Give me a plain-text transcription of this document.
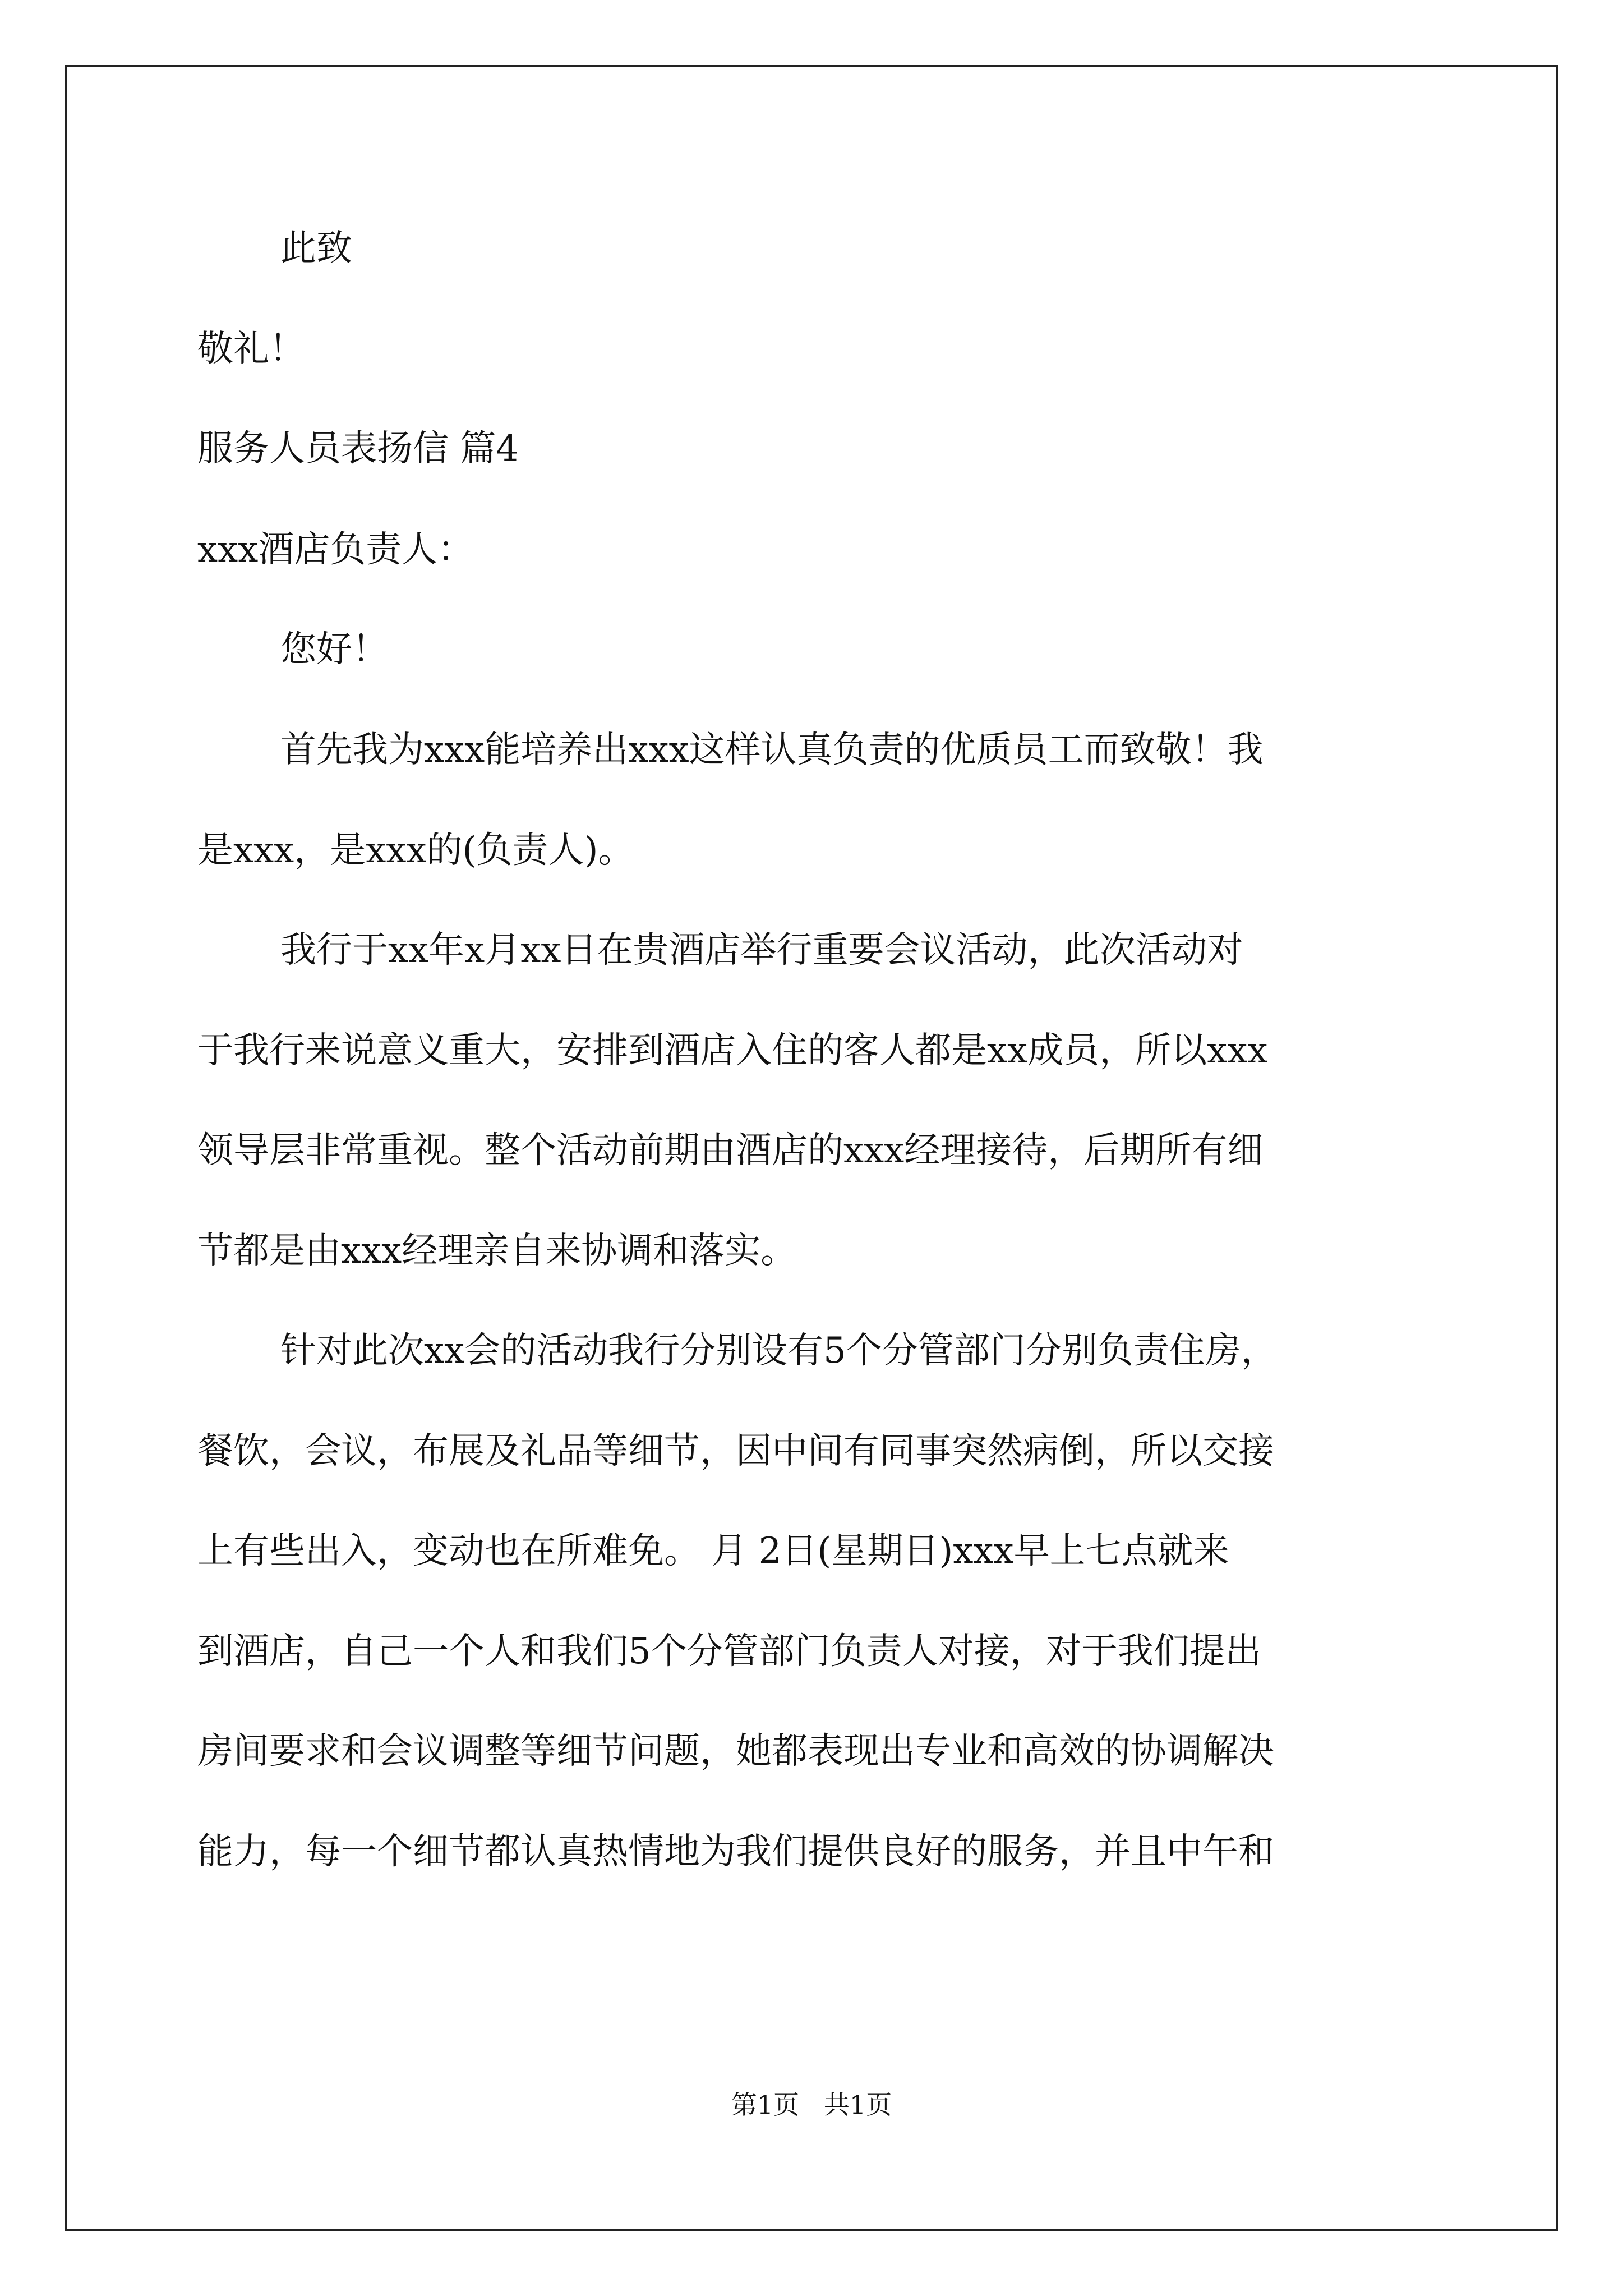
此致
敬礼！
服务人员表扬信 篇4
xxx酒店负责人：
您好！
首先我为xxx能培养出xxx这样认真负责的优质员工而致敬！我
是xxx，是xxx的(负责人)。
我行于xx年x月xx日在贵酒店举行重要会议活动，此次活动对
于我行来说意义重大，安排到酒店入住的客人都是xx成员，所以xxx
领导层非常重视。整个活动前期由酒店的xxx经理接待，后期所有细
节都是由xxx经理亲自来协调和落实。
针对此次xx会的活动我行分别设有5个分管部门分别负责住房，
餐饮，会议，布展及礼品等细节，因中间有同事突然病倒，所以交接
上有些出入，变动也在所难免。 月 2日(星期日)xxx早上七点就来
到酒店，自己一个人和我们5个分管部门负责人对接，对于我们提出
房间要求和会议调整等细节问题，她都表现出专业和高效的协调解决
能力，每一个细节都认真热情地为我们提供良好的服务，并且中午和
第1页   共1页
